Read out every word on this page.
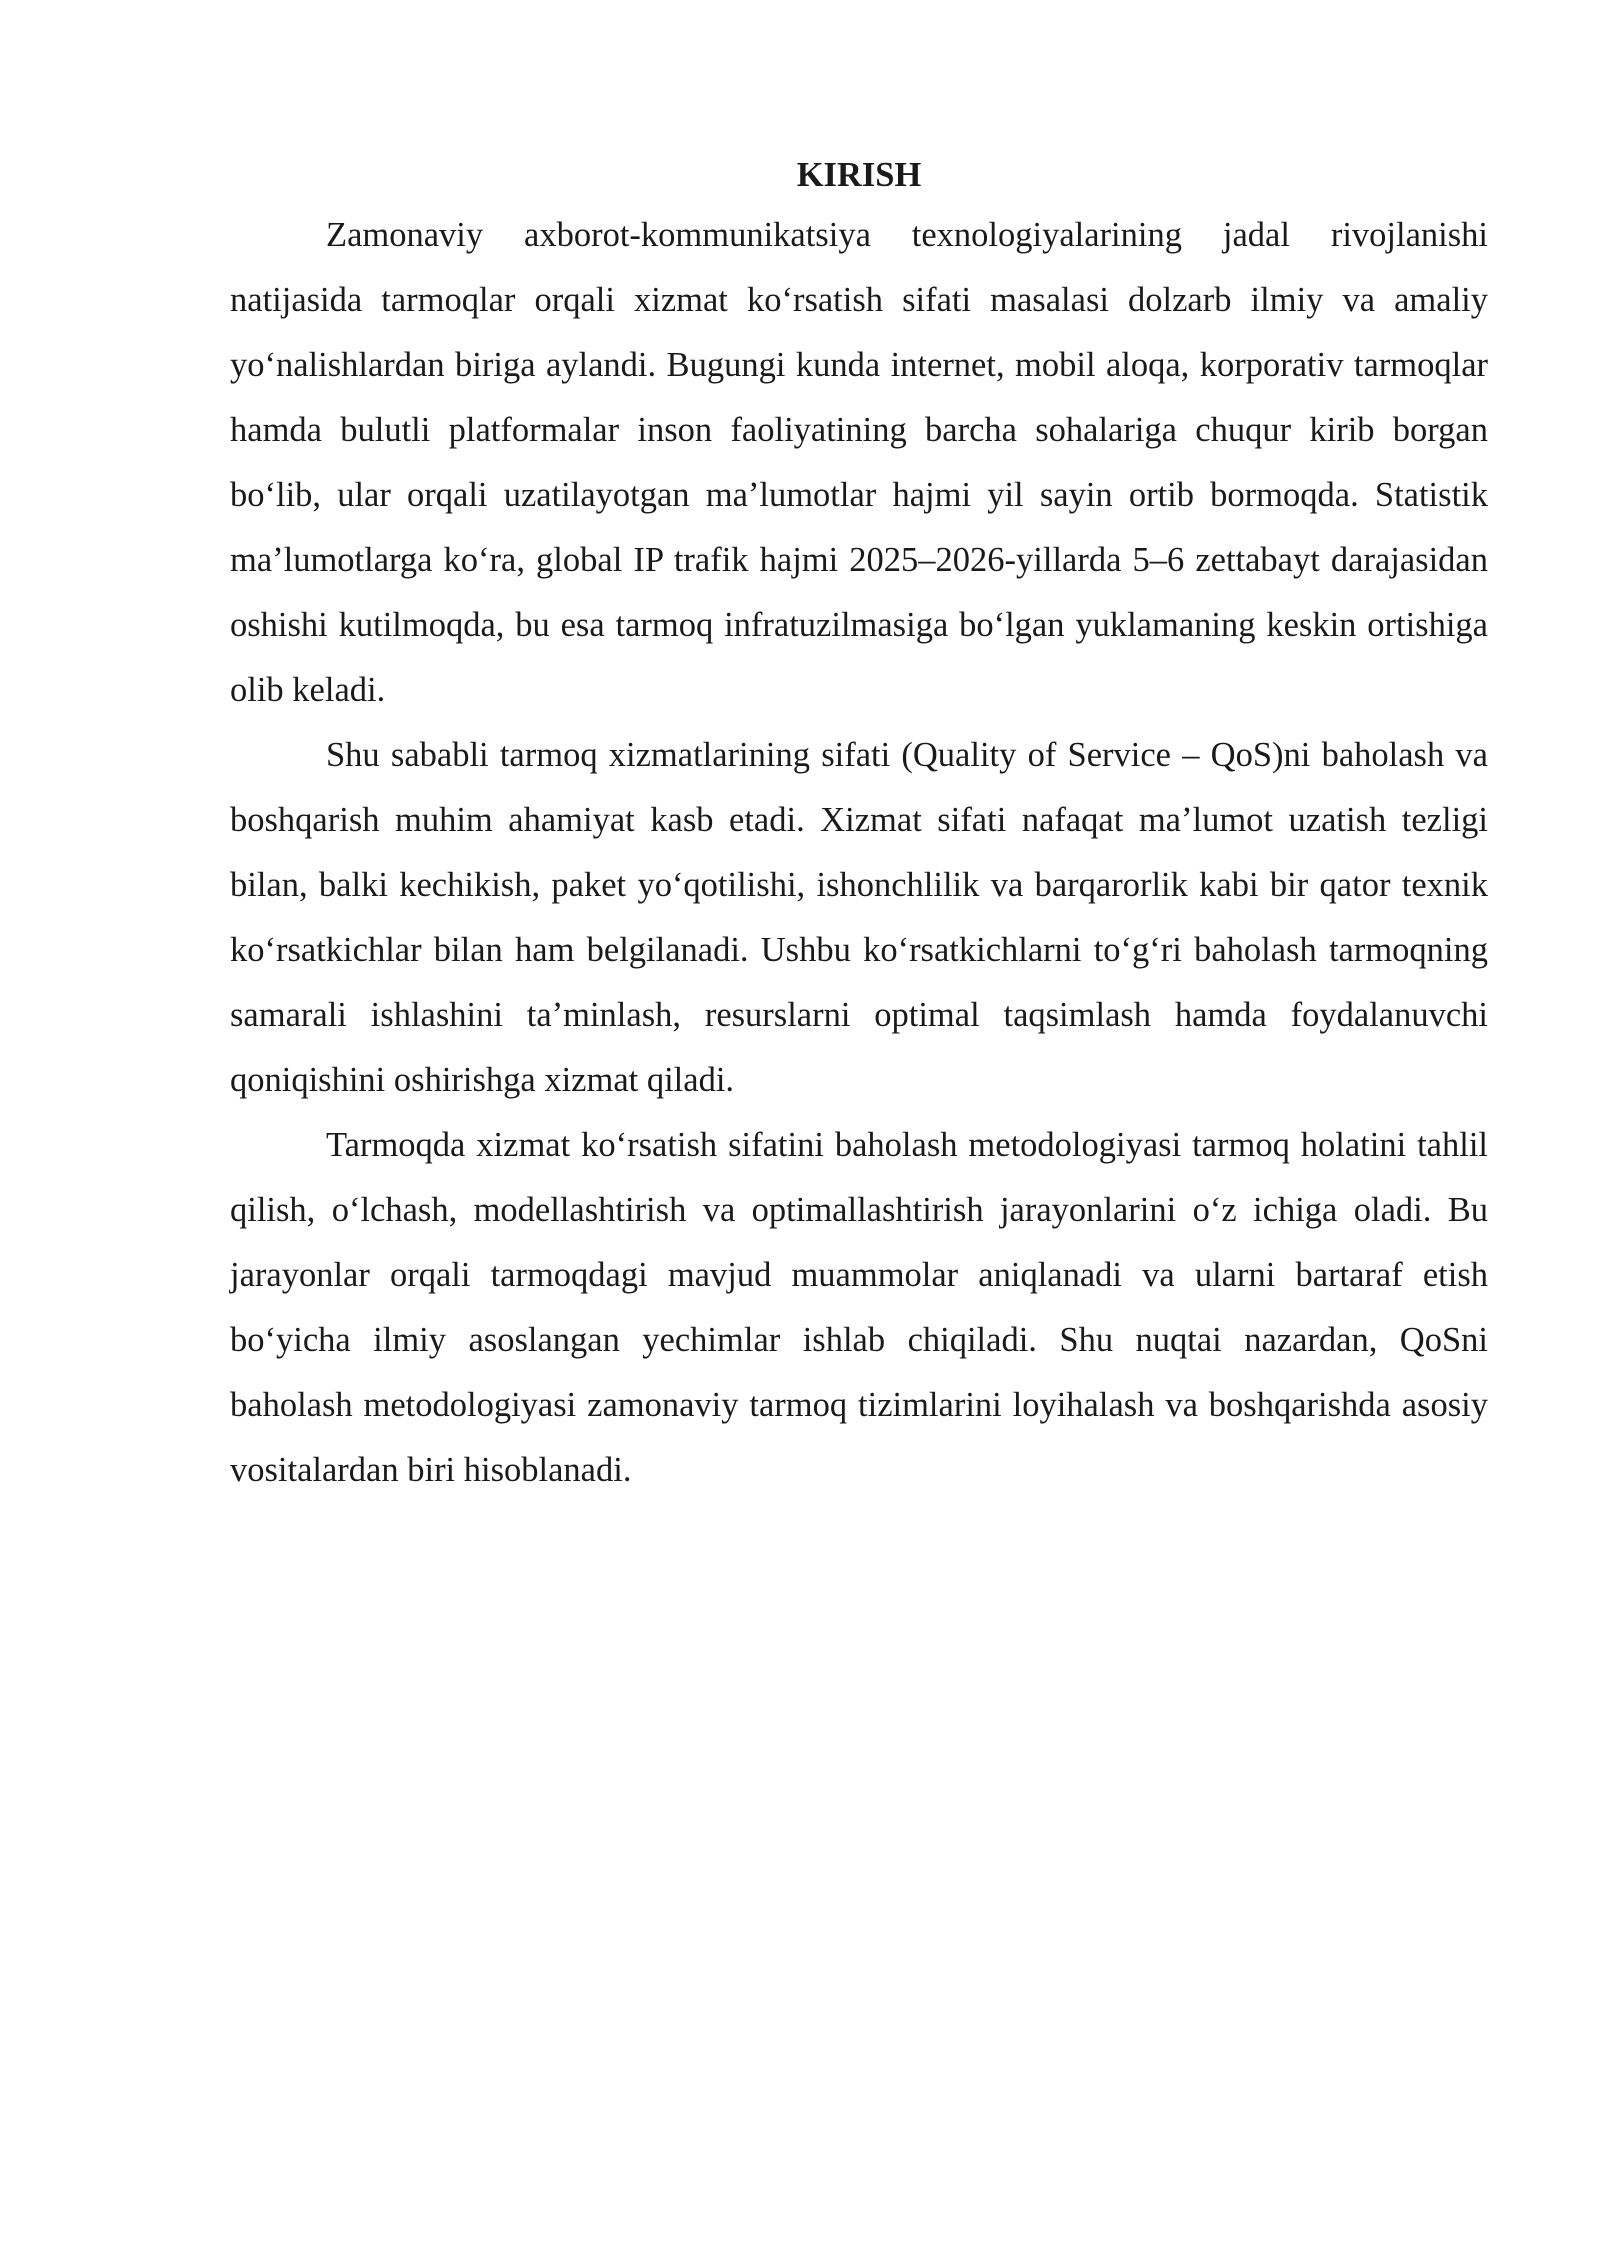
KIRISH

Zamonaviy axborot-kommunikatsiya texnologiyalarining jadal rivojlanishi natijasida tarmoqlar orqali xizmat koʻrsatish sifati masalasi dolzarb ilmiy va amaliy yoʻnalishlardan biriga aylandi. Bugungi kunda internet, mobil aloqa, korporativ tarmoqlar hamda bulutli platformalar inson faoliyatining barcha sohalariga chuqur kirib borgan boʻlib, ular orqali uzatilayotgan maʼlumotlar hajmi yil sayin ortib bormoqda. Statistik maʼlumotlarga koʻra, global IP trafik hajmi 2025–2026-yillarda 5–6 zettabayt darajasidan oshishi kutilmoqda, bu esa tarmoq infratuzilmasiga boʻlgan yuklamaning keskin ortishiga olib keladi.

Shu sababli tarmoq xizmatlarining sifati (Quality of Service – QoS)ni baholash va boshqarish muhim ahamiyat kasb etadi. Xizmat sifati nafaqat maʼlumot uzatish tezligi bilan, balki kechikish, paket yoʻqotilishi, ishonchlilik va barqarorlik kabi bir qator texnik koʻrsatkichlar bilan ham belgilanadi. Ushbu koʻrsatkichlarni toʻgʻri baholash tarmoqning samarali ishlashini taʼminlash, resurslarni optimal taqsimlash hamda foydalanuvchi qoniqishini oshirishga xizmat qiladi.

Tarmoqda xizmat koʻrsatish sifatini baholash metodologiyasi tarmoq holatini tahlil qilish, oʻlchash, modellashtirish va optimallashtirish jarayonlarini oʻz ichiga oladi. Bu jarayonlar orqali tarmoqdagi mavjud muammolar aniqlanadi va ularni bartaraf etish boʻyicha ilmiy asoslangan yechimlar ishlab chiqiladi. Shu nuqtai nazardan, QoSni baholash metodologiyasi zamonaviy tarmoq tizimlarini loyihalash va boshqarishda asosiy vositalardan biri hisoblanadi.
